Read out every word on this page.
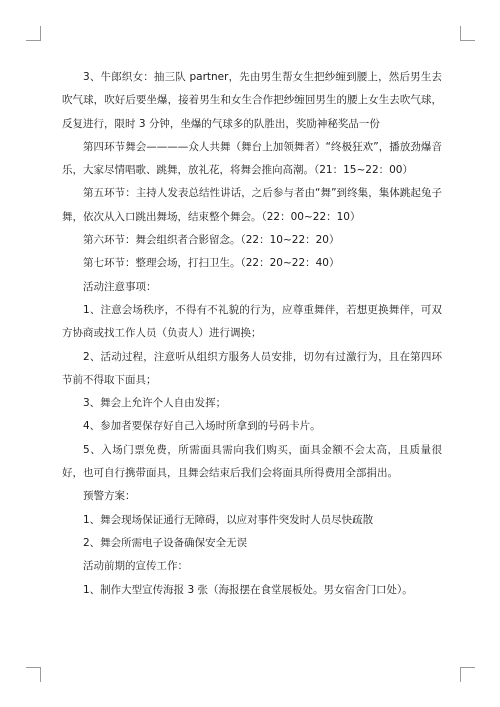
3、牛郎织女：抽三队 partner，先由男生帮女生把纱缠到腰上，然后男生去吹气球，吹好后要坐爆，接着男生和女生合作把纱缠回男生的腰上女生去吹气球，反复进行，限时 3 分钟，坐爆的气球多的队胜出，奖励神秘奖品一份

第四环节舞会————众人共舞（舞台上加领舞者）“终极狂欢”，播放劲爆音乐，大家尽情唱歌、跳舞，放礼花，将舞会推向高潮。（21：15~22：00）

第五环节：主持人发表总结性讲话，之后参与者由“舞”到终集，集体跳起兔子舞，依次从入口跳出舞场，结束整个舞会。（22：00~22：10）

第六环节：舞会组织者合影留念。（22：10~22：20）

第七环节：整理会场，打扫卫生。（22：20~22：40）

活动注意事项：

1、注意会场秩序，不得有不礼貌的行为，应尊重舞伴，若想更换舞伴，可双方协商或找工作人员（负责人）进行调换；

2、活动过程，注意听从组织方服务人员安排，切勿有过激行为，且在第四环节前不得取下面具；

3、舞会上允许个人自由发挥；

4、参加者要保存好自己入场时所拿到的号码卡片。

5、入场门票免费，所需面具需向我们购买，面具金额不会太高，且质量很好，也可自行携带面具，且舞会结束后我们会将面具所得费用全部捐出。

预警方案：

1、舞会现场保证通行无障碍，以应对事件突发时人员尽快疏散

2、舞会所需电子设备确保安全无误

活动前期的宣传工作：

1、制作大型宣传海报 3 张（海报摆在食堂展板处。男女宿舍门口处）。
